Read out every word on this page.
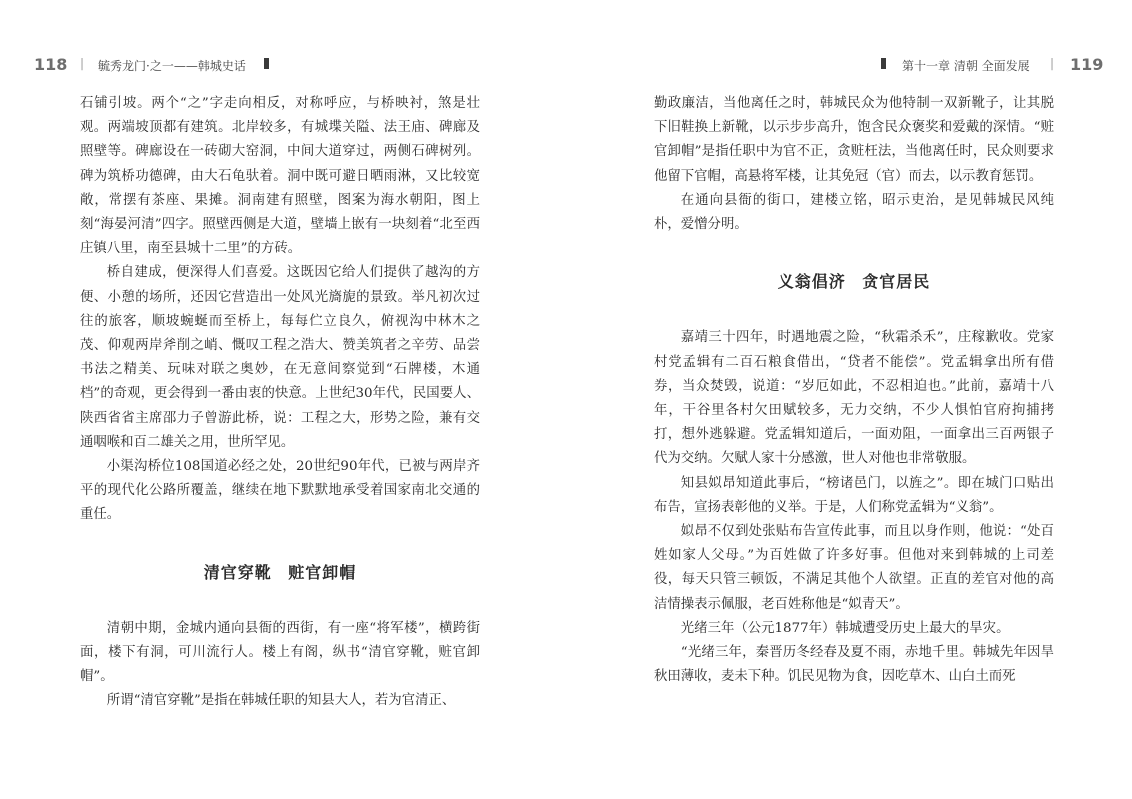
118 | 毓秀龙门·之一——韩城史话	第十一章 清朝 全面发展 | 119

石铺引坡。两个“之”字走向相反，对称呼应，与桥映衬，煞是壮观。两端坡顶都有建筑。北岸较多，有城堞关隘、法王庙、碑廊及照壁等。碑廊设在一砖砌大窑洞，中间大道穿过，两侧石碑树列。碑为筑桥功德碑，由大石龟驮着。洞中既可避日晒雨淋，又比较宽敞，常摆有茶座、果摊。洞南建有照壁，图案为海水朝阳，图上刻“海晏河清”四字。照壁西侧是大道，壁墙上嵌有一块刻着“北至西庄镇八里，南至县城十二里”的方砖。

桥自建成，便深得人们喜爱。这既因它给人们提供了越沟的方便、小憩的场所，还因它营造出一处风光旖旎的景致。举凡初次过往的旅客，顺坡蜿蜒而至桥上，每每伫立良久，俯视沟中林木之茂、仰观两岸斧削之峭、慨叹工程之浩大、赞美筑者之辛劳、品尝书法之精美、玩味对联之奥妙，在无意间察觉到“石牌楼，木通档”的奇观，更会得到一番由衷的快意。上世纪30年代，民国要人、陕西省省主席邵力子曾游此桥，说：工程之大，形势之险，兼有交通咽喉和百二雄关之用，世所罕见。

小渠沟桥位108国道必经之处，20世纪90年代，已被与两岸齐平的现代化公路所覆盖，继续在地下默默地承受着国家南北交通的重任。

清官穿靴 赃官卸帽

清朝中期，金城内通向县衙的西街，有一座“将军楼”，横跨街面，楼下有洞，可川流行人。楼上有阁，纵书“清官穿靴，赃官卸帽”。

所谓“清官穿靴”是指在韩城任职的知县大人，若为官清正、

勤政廉洁，当他离任之时，韩城民众为他特制一双新靴子，让其脱下旧鞋换上新靴，以示步步高升，饱含民众褒奖和爱戴的深情。“赃官卸帽”是指任职中为官不正，贪赃枉法，当他离任时，民众则要求他留下官帽，高悬将军楼，让其免冠（官）而去，以示教育惩罚。

在通向县衙的街口，建楼立铭，昭示吏治，是见韩城民风纯朴，爱憎分明。

义翁倡济 贪官居民

嘉靖三十四年，时遇地震之险，“秋霜杀禾”，庄稼歉收。党家村党孟辑有二百石粮食借出，“贷者不能偿”。党孟辑拿出所有借券，当众焚毁，说道：“岁厄如此，不忍相迫也。”此前，嘉靖十八年，干谷里各村欠田赋较多，无力交纳，不少人惧怕官府拘捕拷打，想外逃躲避。党孟辑知道后，一面劝阻，一面拿出三百两银子代为交纳。欠赋人家十分感激，世人对他也非常敬服。

知县姒昂知道此事后，“榜诸邑门，以旌之”。即在城门口贴出布告，宣扬表彰他的义举。于是，人们称党孟辑为“义翁”。

姒昂不仅到处张贴布告宣传此事，而且以身作则，他说：“处百姓如家人父母。”为百姓做了许多好事。但他对来到韩城的上司差役，每天只管三顿饭，不满足其他个人欲望。正直的差官对他的高洁情操表示佩服，老百姓称他是“姒青天”。

光绪三年（公元1877年）韩城遭受历史上最大的旱灾。

“光绪三年，秦晋历冬经春及夏不雨，赤地千里。韩城先年因旱秋田薄收，麦未下种。饥民见物为食，因吃草木、山白土而死
